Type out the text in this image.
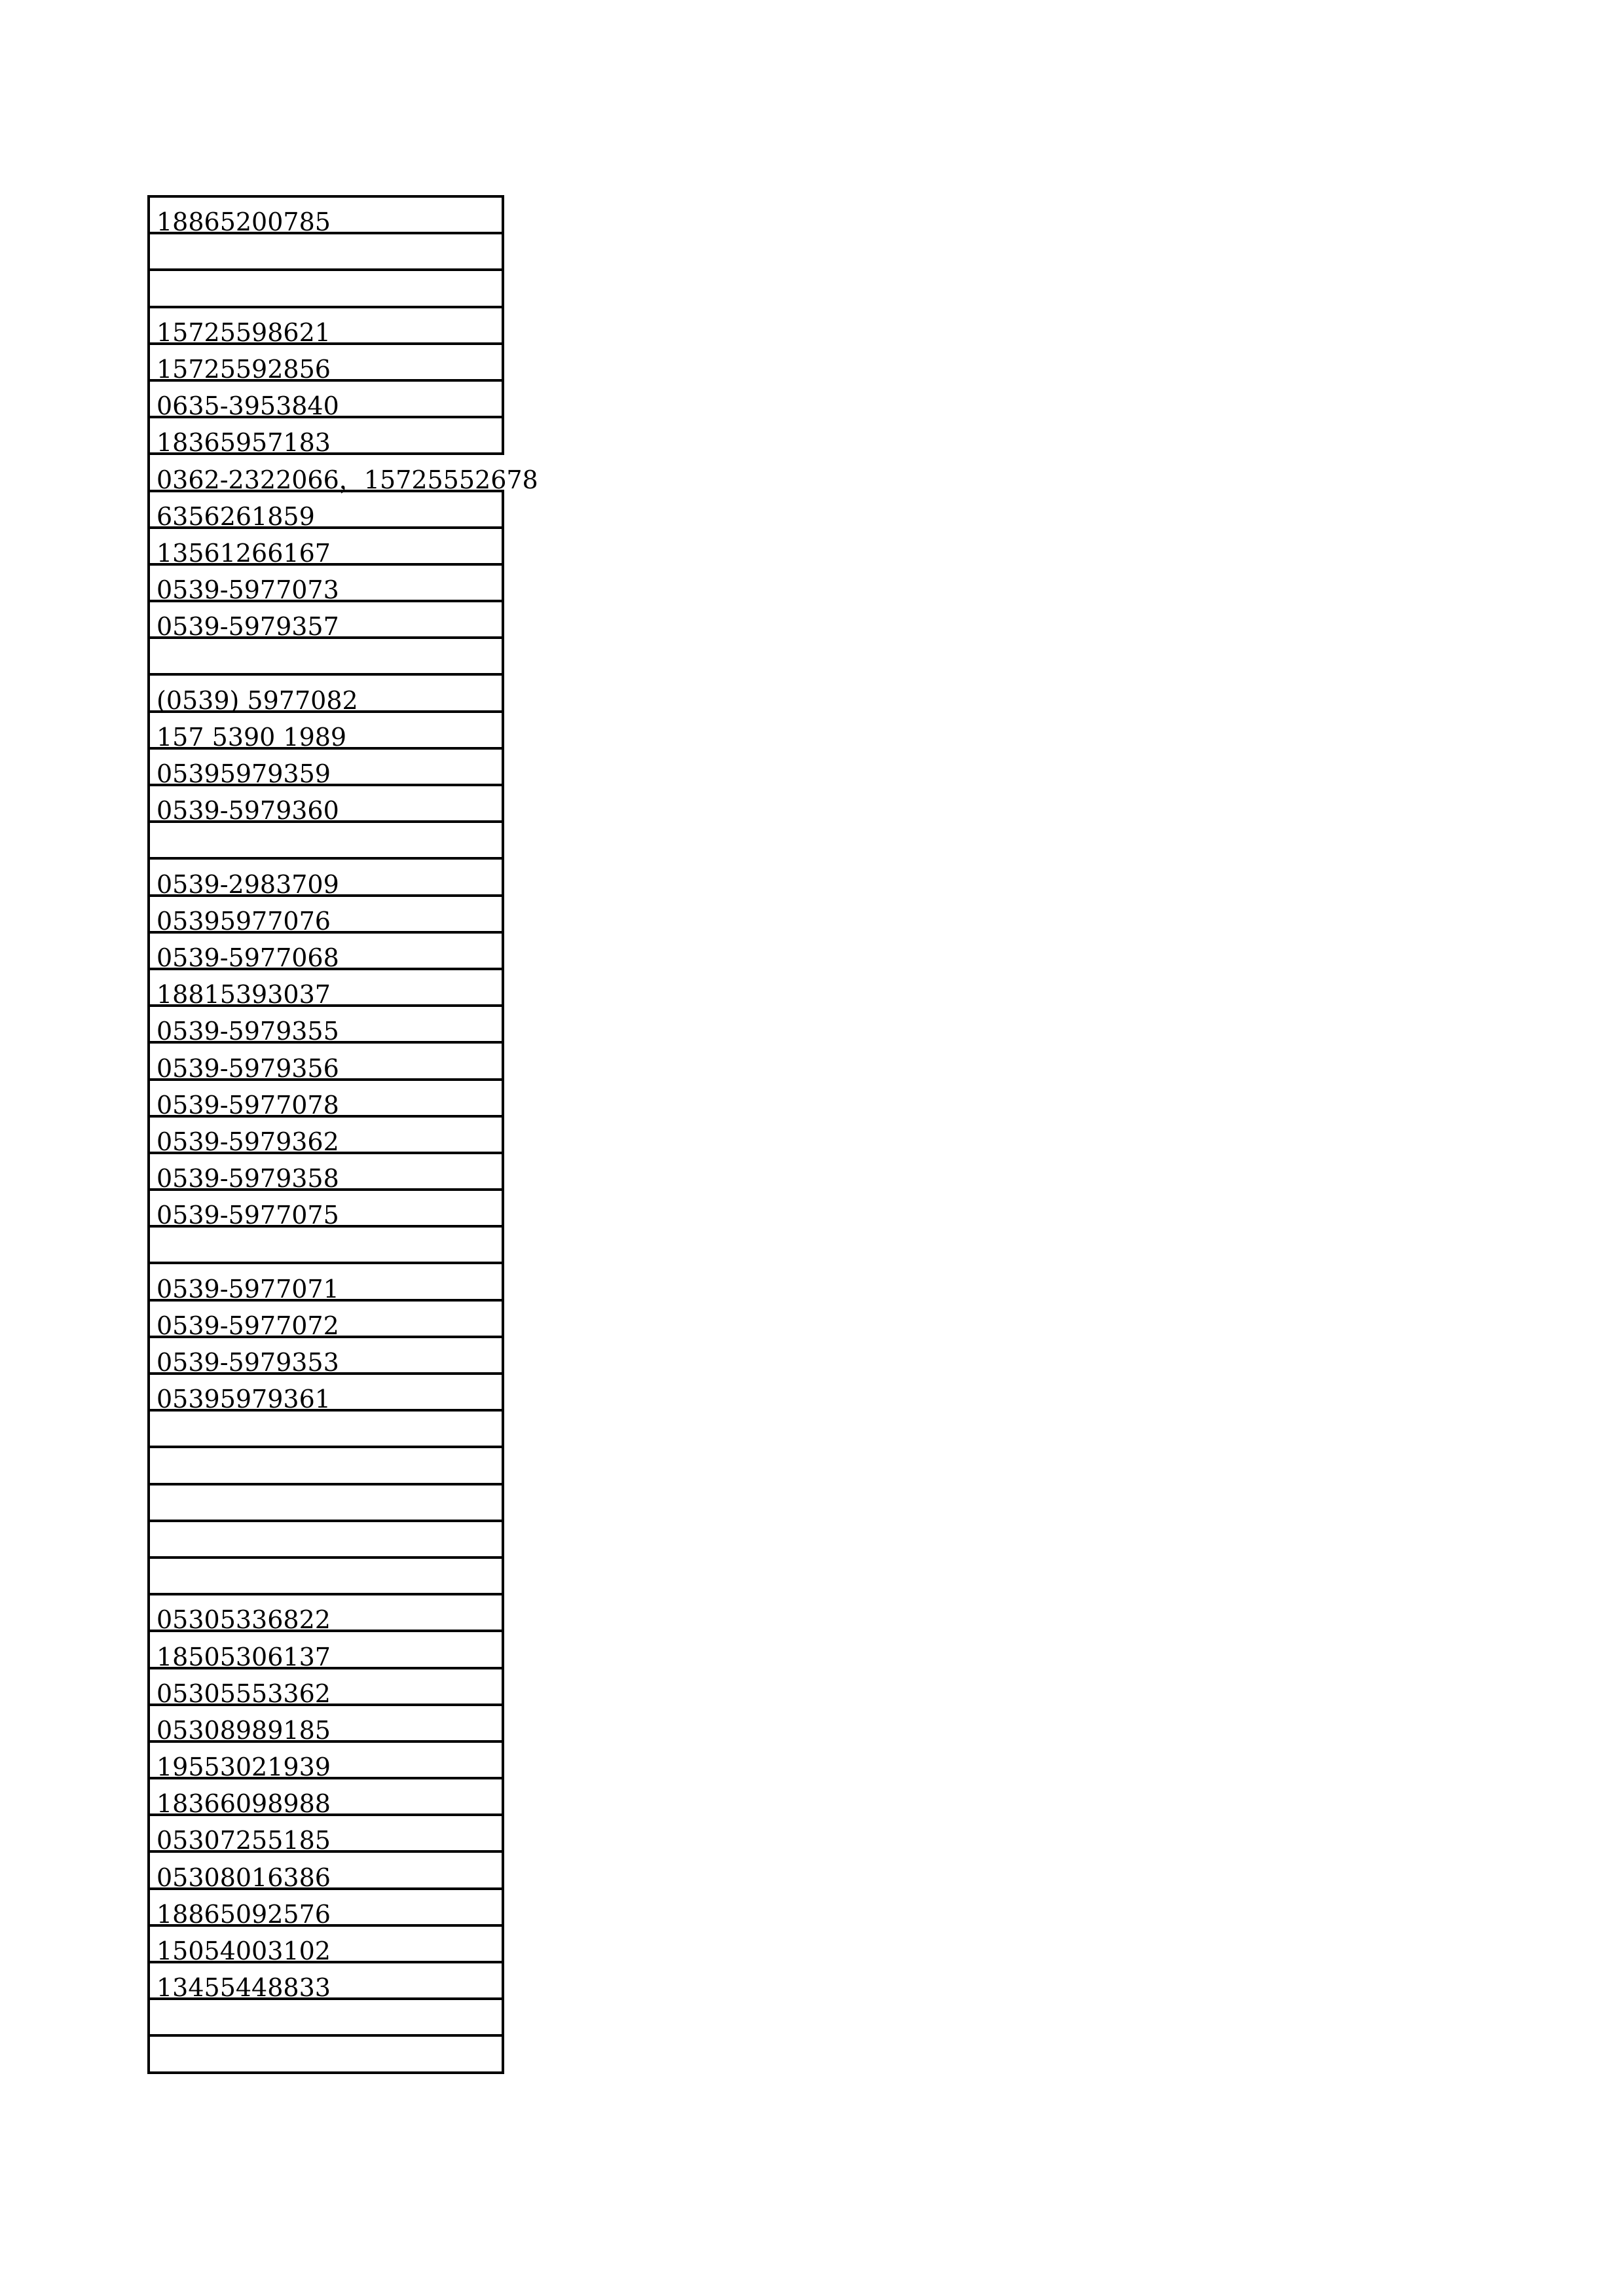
18865200785

15725598621
15725592856
0635-3953840
18365957183
0362-2322066，15725552678
6356261859
13561266167
0539-5977073
0539-5979357

(0539) 5977082
157 5390 1989
05395979359
0539-5979360

0539-2983709
05395977076
0539-5977068
18815393037
0539-5979355
0539-5979356
0539-5977078
0539-5979362
0539-5979358
0539-5977075

0539-5977071
0539-5977072
0539-5979353
05395979361

05305336822
18505306137
05305553362
05308989185
19553021939
18366098988
05307255185
05308016386
18865092576
15054003102
13455448833
